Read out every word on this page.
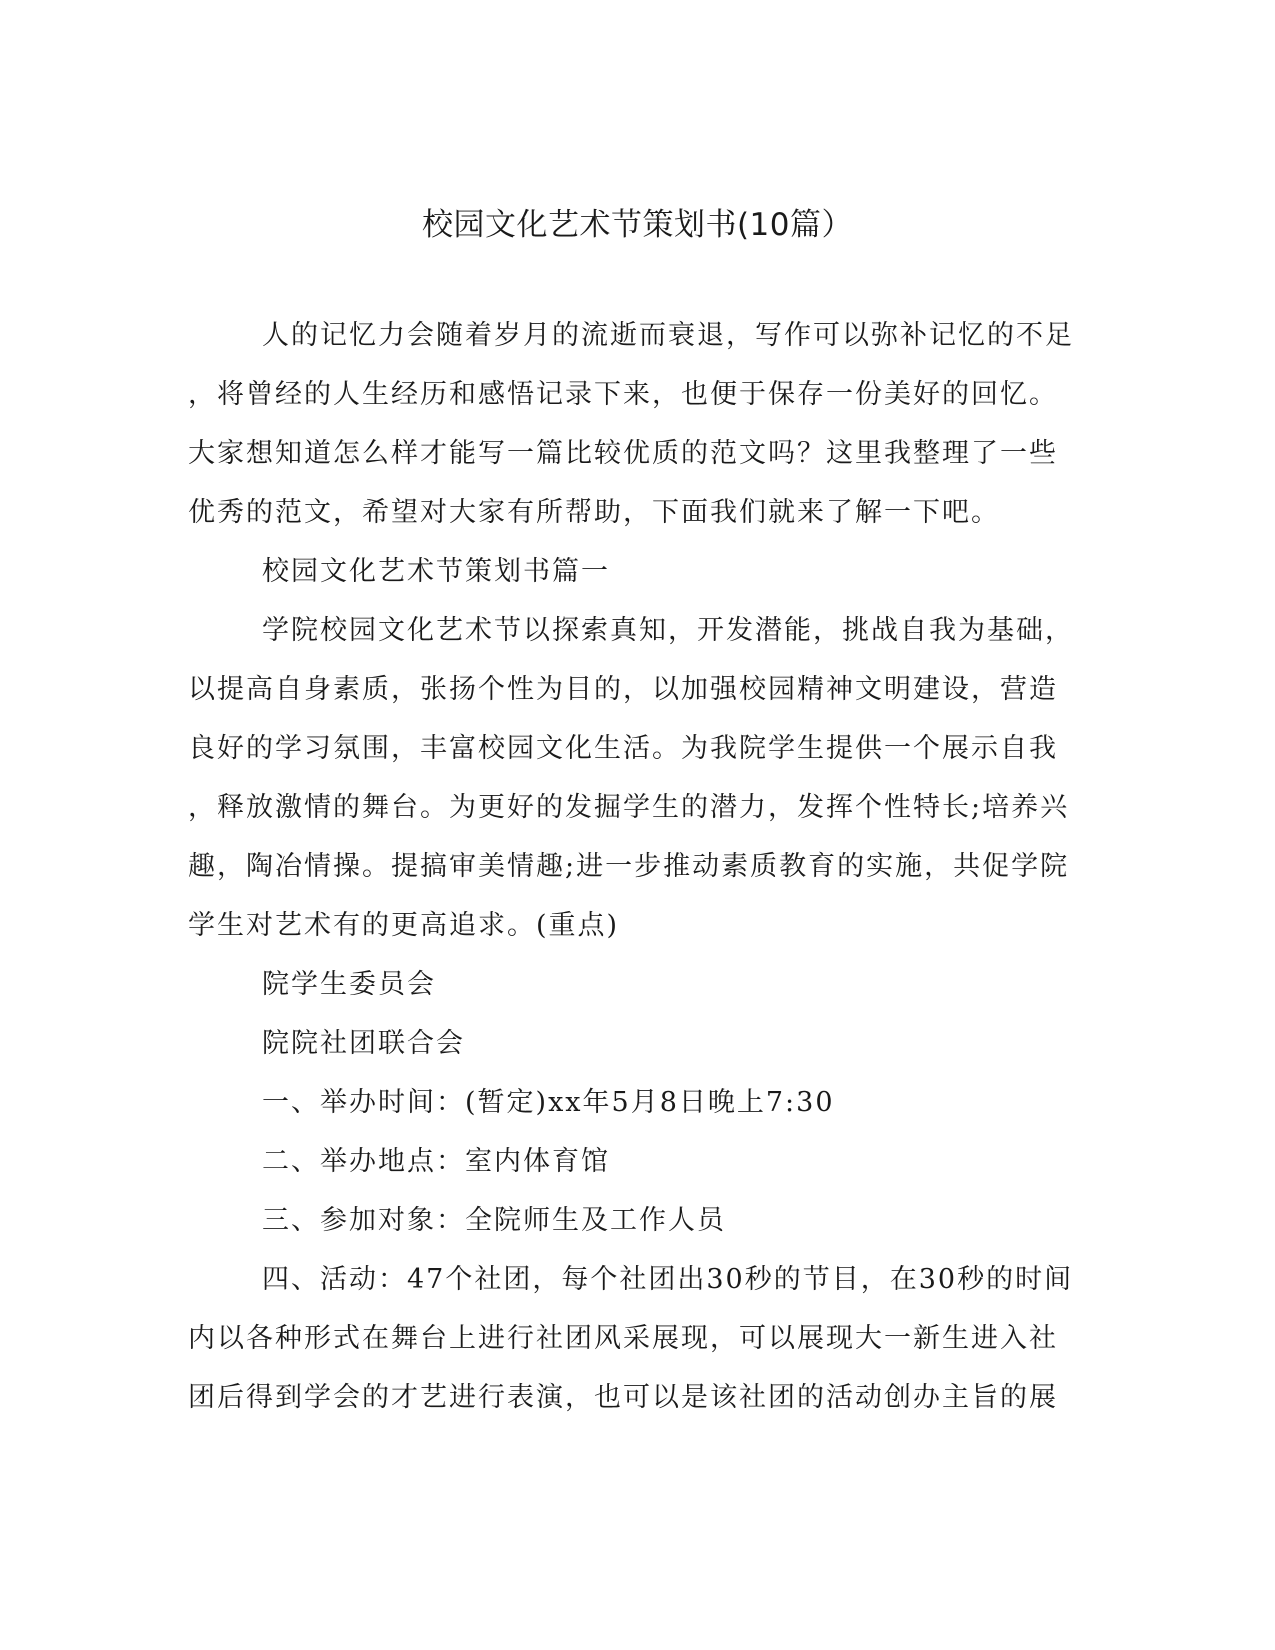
校园文化艺术节策划书(10篇）
人的记忆力会随着岁月的流逝而衰退，写作可以弥补记忆的不足
，将曾经的人生经历和感悟记录下来，也便于保存一份美好的回忆。
大家想知道怎么样才能写一篇比较优质的范文吗？这里我整理了一些
优秀的范文，希望对大家有所帮助，下面我们就来了解一下吧。
校园文化艺术节策划书篇一
学院校园文化艺术节以探索真知，开发潜能，挑战自我为基础，
以提高自身素质，张扬个性为目的，以加强校园精神文明建设，营造
良好的学习氛围，丰富校园文化生活。为我院学生提供一个展示自我
，释放激情的舞台。为更好的发掘学生的潜力，发挥个性特长;培养兴
趣，陶冶情操。提搞审美情趣;进一步推动素质教育的实施，共促学院
学生对艺术有的更高追求。(重点)
院学生委员会
院院社团联合会
一、举办时间：(暂定)xx年5月8日晚上7:30
二、举办地点：室内体育馆
三、参加对象：全院师生及工作人员
四、活动：47个社团，每个社团出30秒的节目，在30秒的时间
内以各种形式在舞台上进行社团风采展现，可以展现大一新生进入社
团后得到学会的才艺进行表演，也可以是该社团的活动创办主旨的展
